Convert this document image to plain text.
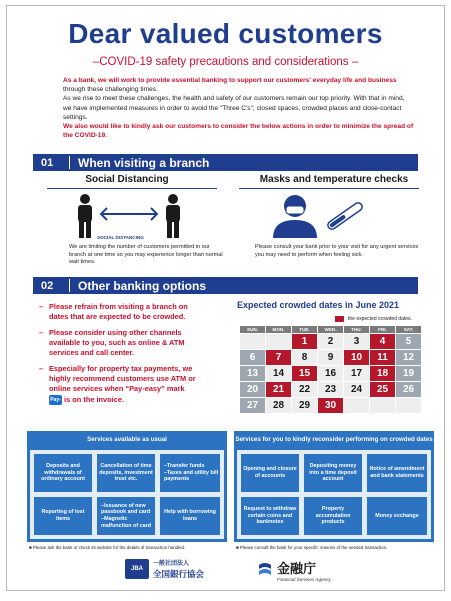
Dear valued customers
–COVID-19 safety precautions and considerations –

As a bank, we will work to provide essential banking to support our customers' everyday life and business through these challenging times.

As we rise to meet these challenges, the health and safety of our customers remain our top priority. With that in mind, we have implemented measures in order to avoid the "Three C's"; closed spaces, crowded places and close-contact settings.

We also would like to kindly ask our customers to consider the below actions in order to minimize the spread of the COVID-19.

01	When visiting a branch
Social Distancing	Masks and temperature checks
SOCIAL DISTANCING
We are limiting the number of customers permitted in our branch at one time so you may experience longer than normal wait times.
Please consult your bank prior to your visit for any urgent services you may need to perform when feeling sick.
02	Other banking options
– Please refrain from visiting a branch on dates that are expected to be crowded.
– Please consider using other channels available to you, such as online & ATM services and call center.
– Especially for property tax payments, we highly recommend customers use ATM or online services when “Pay-easy” mark Pay-easy is on the invoice.
Expected crowded dates in June 2021
the expected crowded dates.
SUN.	MON.	TUE.	WED.	THU.	FRI.	SAT.
		1	2	3	4	5
6	7	8	9	10	11	12
13	14	15	16	17	18	19
20	21	22	23	24	25	26
27	28	29	30			
Services available as usual
Deposits and withdrawals of ordinary account
Cancellation of time deposits, investment trust etc.
–Transfer funds
–Taxes and utility bill payments
Reporting of lost items
–Issuance of new passbook and card
–Magnetic malfunction of card
Help with borrowing loans
■ Please ask the bank or check its website for the details of transaction handled.
Services for you to kindly reconsider performing on crowded dates
Opening and closure of accounts
Depositing money into a time deposit account
Notice of amendment and bank statements
Request to withdraw certain coins and banknotes
Property accumulation products
Money exchange
■ Please consult the bank for your specific reasons of the needed transaction.
JBA
一般社団法人
全国銀行協会	金融庁
Financial Services Agency
